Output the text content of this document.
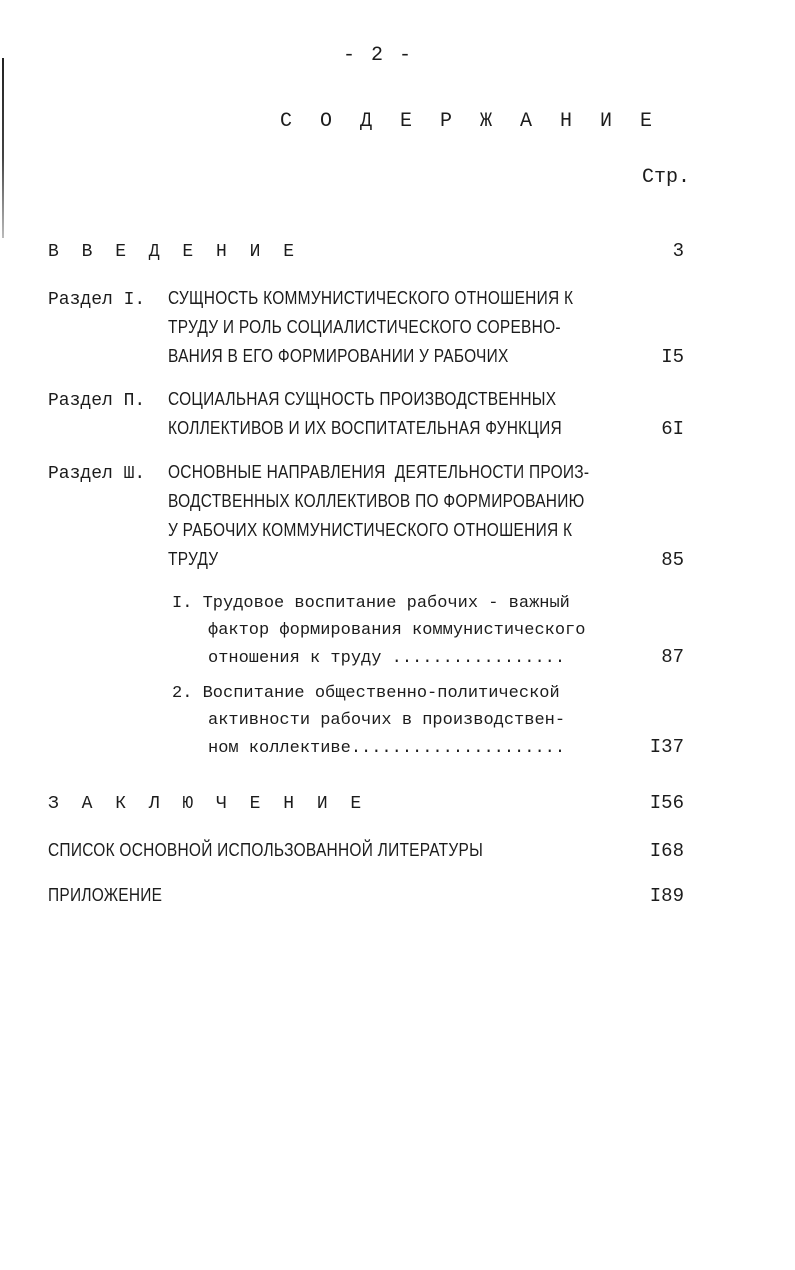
- 2 -
С О Д Е Р Ж А Н И Е
Стр.
В В Е Д Е Н И Е	3
Раздел I. СУЩНОСТЬ КОММУНИСТИЧЕСКОГО ОТНОШЕНИЯ К
ТРУДУ И РОЛЬ СОЦИАЛИСТИЧЕСКОГО СОРЕВНО-
ВАНИЯ В ЕГО ФОРМИРОВАНИИ У РАБОЧИХ	I5
Раздел П. СОЦИАЛЬНАЯ СУЩНОСТЬ ПРОИЗВОДСТВЕННЫХ
КОЛЛЕКТИВОВ И ИХ ВОСПИТАТЕЛЬНАЯ ФУНКЦИЯ	6I
Раздел Ш. ОСНОВНЫЕ НАПРАВЛЕНИЯ  ДЕЯТЕЛЬНОСТИ ПРОИЗ-
ВОДСТВЕННЫХ КОЛЛЕКТИВОВ ПО ФОРМИРОВАНИЮ
У РАБОЧИХ КОММУНИСТИЧЕСКОГО ОТНОШЕНИЯ К
ТРУДУ	85
I. Трудовое воспитание рабочих - важный
фактор формирования коммунистического
отношения к труду .................	87
2. Воспитание общественно-политической
активности рабочих в производствен-
ном коллективе.....................	I37
З А К Л Ю Ч Е Н И Е	I56
СПИСОК ОСНОВНОЙ ИСПОЛЬЗОВАННОЙ ЛИТЕРАТУРЫ	I68
ПРИЛОЖЕНИЕ	I89
